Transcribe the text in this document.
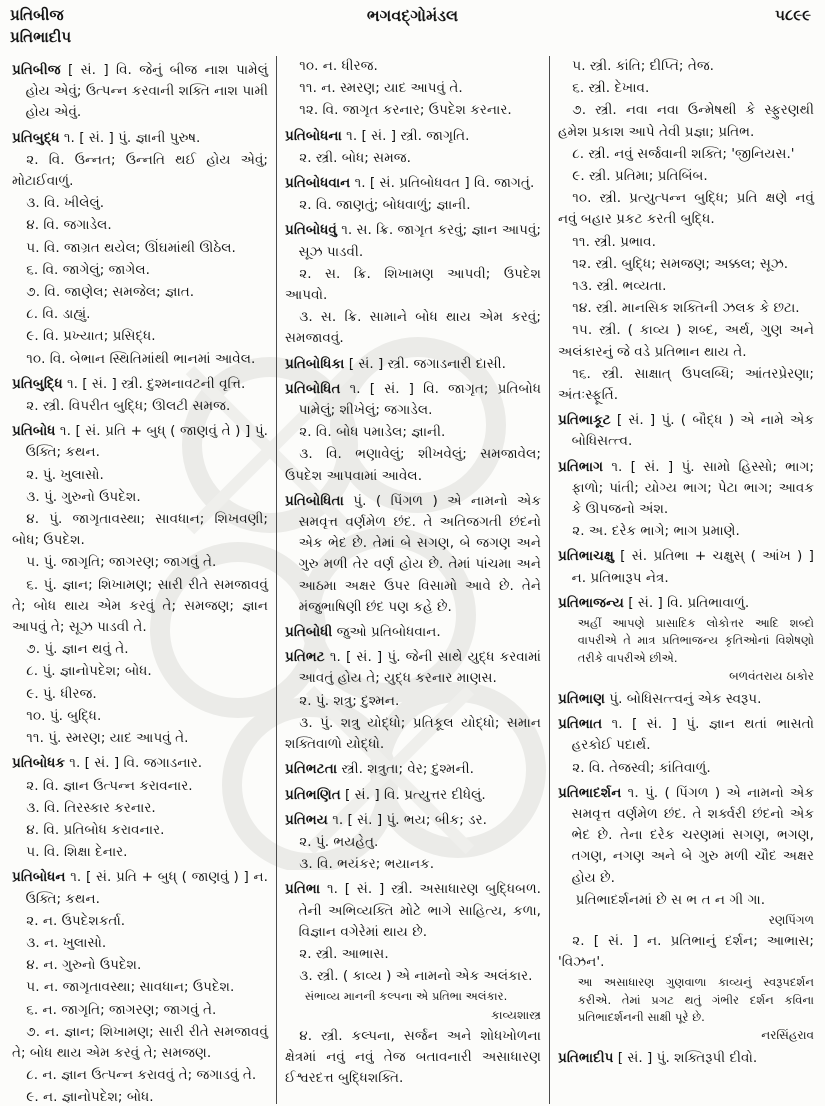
પ્રતિબીજ
પ્રતિભાદીપ
ભગવદ્ગોમંડલ	૫૮૯૯

પ્રતિબીજ [ સં. ] વિ. જેનું બીજ નાશ પામેલું હોય એવું; ઉત્પન્ન કરવાની શક્તિ નાશ પામી હોય એવું.

પ્રતિબુદ્ધ ૧. [ સં. ] પું. જ્ઞાની પુરુષ.

૨. વિ. ઉન્નત; ઉન્નતિ થઈ હોય એવું; મોટાઈવાળું.

૩. વિ. ખીલેલું.

૪. વિ. જગાડેલ.

૫. વિ. જાગ્રત થયેલ; ઊંઘમાંથી ઊઠેલ.

૬. વિ. જાગેલું; જાગેલ.

૭. વિ. જાણેલ; સમજેલ; જ્ઞાત.

૮. વિ. ડાહ્યું.

૯. વિ. પ્રખ્યાત; પ્રસિદ્ધ.

૧૦. વિ. બેભાન સ્થિતિમાંથી ભાનમાં આવેલ.

પ્રતિબુદ્ધિ ૧. [ સં. ] સ્ત્રી. દુશ્મનાવટની વૃત્તિ.

૨. સ્ત્રી. વિપરીત બુદ્ધિ; ઊલટી સમજ.

પ્રતિબોધ ૧. [ સં. પ્રતિ + બુધ્ ( જાણવું તે ) ] પું. ઉક્તિ; કથન.

૨. પું. ખુલાસો.

૩. પું. ગુરુનો ઉપદેશ.

૪. પું. જાગૃતાવસ્થા; સાવધાન; શિખવણી; બોધ; ઉપદેશ.

૫. પું. જાગૃતિ; જાગરણ; જાગવું તે.

૬. પું. જ્ઞાન; શિખામણ; સારી રીતે સમજાવવું તે; બોધ થાય એમ કરવું તે; સમજણ; જ્ઞાન આપવું તે; સૂઝ પાડવી તે.

૭. પું. જ્ઞાન થવું તે.

૮. પું. જ્ઞાનોપદેશ; બોધ.

૯. પું. ધીરજ.

૧૦. પું. બુદ્ધિ.

૧૧. પું. સ્મરણ; યાદ આપવું તે.

પ્રતિબોધક ૧. [ સં. ] વિ. જગાડનાર.

૨. વિ. જ્ઞાન ઉત્પન્ન કરાવનાર.

૩. વિ. તિરસ્કાર કરનાર.

૪. વિ. પ્રતિબોધ કરાવનાર.

૫. વિ. શિક્ષા દેનાર.

પ્રતિબોધન ૧. [ સં. પ્રતિ + બુધ્ ( જાણવું ) ] ન. ઉક્તિ; કથન.

૨. ન. ઉપદેશકર્તા.

૩. ન. ખુલાસો.

૪. ન. ગુરુનો ઉપદેશ.

૫. ન. જાગૃતાવસ્થા; સાવધાન; ઉપદેશ.

૬. ન. જાગૃતિ; જાગરણ; જાગવું તે.

૭. ન. જ્ઞાન; શિખામણ; સારી રીતે સમજાવવું તે; બોધ થાય એમ કરવું તે; સમજણ.

૮. ન. જ્ઞાન ઉત્પન્ન કરાવવું તે; જગાડવું તે.

૯. ન. જ્ઞાનોપદેશ; બોધ.

૧૦. ન. ધીરજ.

૧૧. ન. સ્મરણ; યાદ આપવું તે.

૧૨. વિ. જાગૃત કરનાર; ઉપદેશ કરનાર.

પ્રતિબોધના ૧. [ સં. ] સ્ત્રી. જાગૃતિ.

૨. સ્ત્રી. બોધ; સમજ.

પ્રતિબોધવાન ૧. [ સં. પ્રતિબોધવત ] વિ. જાગતું.

૨. વિ. જાણતું; બોધવાળું; જ્ઞાની.

પ્રતિબોધવું ૧. સ. ક્રિ. જાગૃત કરવું; જ્ઞાન આપવું; સૂઝ પાડવી.

૨. સ. ક્રિ. શિખામણ આપવી; ઉપદેશ આપવો.

૩. સ. ક્રિ. સામાને બોધ થાય એમ કરવું; સમજાવવું.

પ્રતિબોધિકા [ સં. ] સ્ત્રી. જગાડનારી દાસી.

પ્રતિબોધિત ૧. [ સં. ] વિ. જાગૃત; પ્રતિબોધ પામેલું; શીખેલું; જગાડેલ.

૨. વિ. બોધ પમાડેલ; જ્ઞાની.

૩. વિ. ભણાવેલું; શીખવેલું; સમજાવેલ; ઉપદેશ આપવામાં આવેલ.

પ્રતિબોધિતા પું. ( પિંગળ ) એ નામનો એક સમવૃત્ત વર્ણમેળ છંદ. તે અતિજગતી છંદનો એક ભેદ છે. તેમાં બે સગણ, બે જગણ અને ગુરુ મળી તેર વર્ણ હોય છે. તેમાં પાંચમા અને આઠમા અક્ષર ઉપર વિસામો આવે છે. તેને મંજુભાષિણી છંદ પણ કહે છે.

પ્રતિબોધી જુઓ પ્રતિબોધવાન.

પ્રતિભટ ૧. [ સં. ] પું. જેની સાથે યુદ્ધ કરવામાં આવતું હોય તે; યુદ્ધ કરનાર માણસ.

૨. પું. શત્રુ; દુશ્મન.

૩. પું. શત્રુ યોદ્ધો; પ્રતિકૂલ યોદ્ધો; સમાન શક્તિવાળો યોદ્ધો.

પ્રતિભટતા સ્ત્રી. શત્રુતા; વેર; દુશ્મની.

પ્રતિભણિત [ સં. ] વિ. પ્રત્યુત્તર દીધેલું.

પ્રતિભય ૧. [ સં. ] પું. ભય; બીક; ડર.

૨. પું. ભયહેતુ.

૩. વિ. ભયંકર; ભયાનક.

પ્રતિભા ૧. [ સં. ] સ્ત્રી. અસાધારણ બુદ્ધિબળ. તેની અભિવ્યક્તિ મોટે ભાગે સાહિત્ય, કળા, વિજ્ઞાન વગેરેમાં થાય છે.

૨. સ્ત્રી. આભાસ.

૩. સ્ત્રી. ( કાવ્ય ) એ નામનો એક અલંકાર.

સંભાવ્ય માનની કલ્પના એ પ્રતિભા અલંકાર.

કાવ્યશાસ્ત્ર

૪. સ્ત્રી. કલ્પના, સર્જન અને શોધખોળના ક્ષેત્રમાં નવું નવું તેજ બતાવનારી અસાધારણ ઈશ્વરદત્ત બુદ્ધિશક્તિ.

૫. સ્ત્રી. કાંતિ; દીપ્તિ; તેજ.

૬. સ્ત્રી. દેખાવ.

૭. સ્ત્રી. નવા નવા ઉન્મેષથી કે સ્ફુરણથી હમેશ પ્રકાશ આપે તેવી પ્રજ્ઞા; પ્રતિભ.

૮. સ્ત્રી. નવું સર્જવાની શક્તિ; 'જીનિયસ.'

૯. સ્ત્રી. પ્રતિમા; પ્રતિબિંબ.

૧૦. સ્ત્રી. પ્રત્યુત્પન્ન બુદ્ધિ; પ્રતિ ક્ષણે નવું નવું બહાર પ્રકટ કરતી બુદ્ધિ.

૧૧. સ્ત્રી. પ્રભાવ.

૧૨. સ્ત્રી. બુદ્ધિ; સમજણ; અક્કલ; સૂઝ.

૧૩. સ્ત્રી. ભવ્યતા.

૧૪. સ્ત્રી. માનસિક શક્તિની ઝલક કે છટા.

૧૫. સ્ત્રી. ( કાવ્ય ) શબ્દ, અર્થ, ગુણ અને અલંકારનું જે વડે પ્રતિભાન થાય તે.

૧૬. સ્ત્રી. સાક્ષાત્ ઉપલબ્ધિ; આંતરપ્રેરણા; અંતઃસ્ફૂર્તિ.

પ્રતિભાકૂટ [ સં. ] પું. ( બૌદ્ધ ) એ નામે એક બોધિસત્ત્વ.

પ્રતિભાગ ૧. [ સં. ] પું. સામો હિસ્સો; ભાગ; ફાળો; પાંતી; યોગ્ય ભાગ; પેટા ભાગ; આવક કે ઊપજનો અંશ.

૨. અ. દરેક ભાગે; ભાગ પ્રમાણે.

પ્રતિભાચક્ષુ [ સં. પ્રતિભા + ચક્ષુસ્ ( આંખ ) ] ન. પ્રતિભારૂપ નેત્ર.

પ્રતિભાજન્ય [ સં. ] વિ. પ્રતિભાવાળું.

અહીં આપણે પ્રાસાદિક લોકોત્તર આદિ શબ્દો વાપરીએ તે માત્ર પ્રતિભાજન્ય કૃતિઓનાં વિશેષણો તરીકે વાપરીએ છીએ.

બળવંતરાય ઠાકોર

પ્રતિભાણ પું. બોધિસત્ત્વનું એક સ્વરૂપ.

પ્રતિભાત ૧. [ સં. ] પું. જ્ઞાન થતાં ભાસતો હરકોઈ પદાર્થ.

૨. વિ. તેજસ્વી; કાંતિવાળું.

પ્રતિભાદર્શન ૧. પું. ( પિંગળ ) એ નામનો એક સમવૃત્ત વર્ણમેળ છંદ. તે શર્ક્વરી છંદનો એક ભેદ છે. તેના દરેક ચરણમાં સગણ, ભગણ, તગણ, નગણ અને બે ગુરુ મળી ચૌદ અક્ષર હોય છે.

પ્રતિભાદર્શનમાં છે સ ભ ત ન ગી ગા.

રણપિંગળ

૨. [ સં. ] ન. પ્રતિભાનું દર્શન; આભાસ; 'વિઝન'.

આ અસાધારણ ગુણવાળા કાવ્યનું સ્વરૂપદર્શન કરીએ. તેમાં પ્રગટ થતું ગંભીર દર્શન કવિના પ્રતિભાદર્શનની સાક્ષી પૂરે છે.

નરસિંહરાવ

પ્રતિભાદીપ [ સં. ] પું. શક્તિરૂપી દીવો.
